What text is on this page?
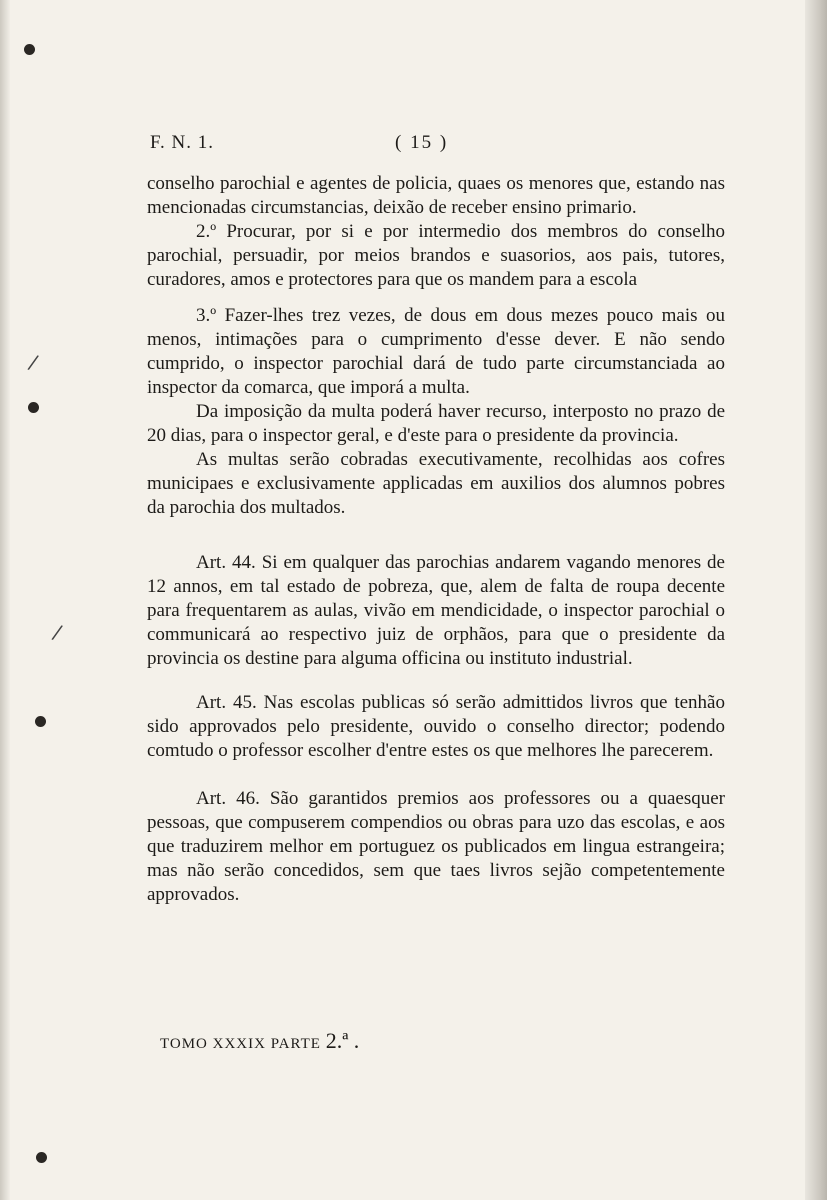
/
/
F. N. 1.	( 15 )

conselho parochial e agentes de policia, quaes os menores que, estando nas mencionadas circumstancias, deixão de receber ensino primario.

2.º Procurar, por si e por intermedio dos membros do conselho parochial, persuadir, por meios brandos e suasorios, aos pais, tutores, curadores, amos e protectores para que os mandem para a escola

3.º Fazer-lhes trez vezes, de dous em dous mezes pouco mais ou menos, intimações para o cumprimento d'esse dever. E não sendo cumprido, o inspector parochial dará de tudo parte circumstanciada ao inspector da comarca, que imporá a multa.

Da imposição da multa poderá haver recurso, interposto no prazo de 20 dias, para o inspector geral, e d'este para o presidente da provincia.

As multas serão cobradas executivamente, recolhidas aos cofres municipaes e exclusivamente applicadas em auxilios dos alumnos pobres da parochia dos multados.

Art. 44. Si em qualquer das parochias andarem vagando menores de 12 annos, em tal estado de pobreza, que, alem de falta de roupa decente para frequentarem as aulas, vivão em mendicidade, o inspector parochial o communicará ao respectivo juiz de orphãos, para que o presidente da provincia os destine para alguma officina ou instituto industrial.

Art. 45. Nas escolas publicas só serão admittidos livros que tenhão sido approvados pelo presidente, ouvido o conselho director; podendo comtudo o professor escolher d'entre estes os que melhores lhe parecerem.

Art. 46. São garantidos premios aos professores ou a quaesquer pessoas, que compuserem compendios ou obras para uzo das escolas, e aos que traduzirem melhor em portuguez os publicados em lingua estrangeira; mas não serão concedidos, sem que taes livros sejão competentemente approvados.

TOMO XXXIX PARTE 2.ª .
